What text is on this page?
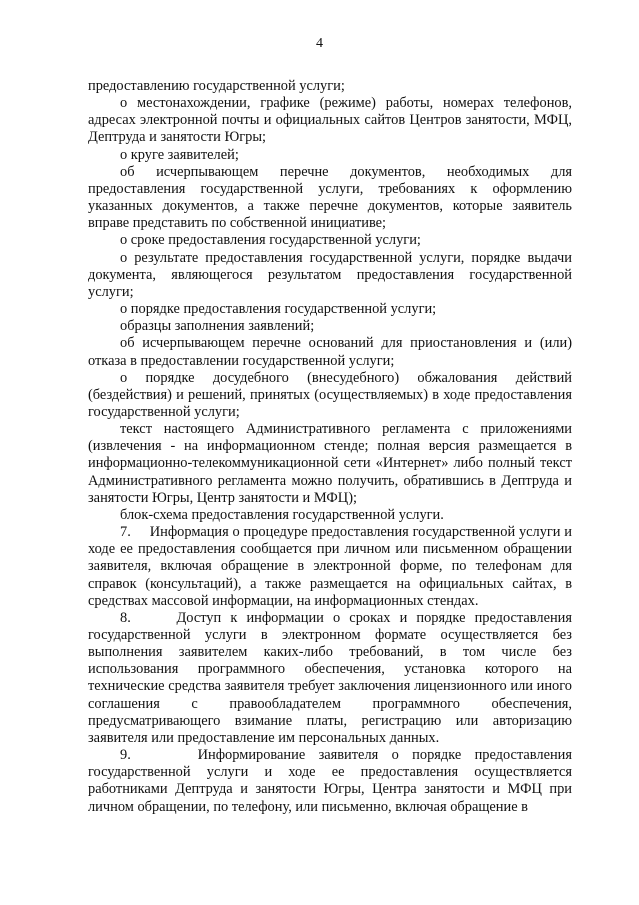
4

предоставлению государственной услуги;

о местонахождении, графике (режиме) работы, номерах телефонов, адресах электронной почты и официальных сайтов Центров занятости, МФЦ, Дептруда и занятости Югры;

о круге заявителей;

об исчерпывающем перечне документов, необходимых для предоставления государственной услуги, требованиях к оформлению указанных документов, а также перечне документов, которые заявитель вправе представить по собственной инициативе;

о сроке предоставления государственной услуги;

о результате предоставления государственной услуги, порядке выдачи документа, являющегося результатом предоставления государственной услуги;

о порядке предоставления государственной услуги;

образцы заполнения заявлений;

об исчерпывающем перечне оснований для приостановления и (или) отказа в предоставлении государственной услуги;

о порядке досудебного (внесудебного) обжалования действий (бездействия) и решений, принятых (осуществляемых) в ходе предоставления государственной услуги;

текст настоящего Административного регламента с приложениями (извлечения - на информационном стенде; полная версия размещается в информационно-телекоммуникационной сети «Интернет» либо полный текст Административного регламента можно получить, обратившись в Дептруда и занятости Югры, Центр занятости и МФЦ);

блок-схема предоставления государственной услуги.

7.     Информация о процедуре предоставления государственной услуги и ходе ее предоставления сообщается при личном или письменном обращении заявителя, включая обращение в электронной форме, по телефонам для справок (консультаций), а также размещается на официальных сайтах, в средствах массовой информации, на информационных стендах.

8.     Доступ к информации о сроках и порядке предоставления государственной услуги в электронном формате осуществляется без выполнения заявителем каких-либо требований, в том числе без использования программного обеспечения, установка которого на технические средства заявителя требует заключения лицензионного или иного соглашения с правообладателем программного обеспечения, предусматривающего взимание платы, регистрацию или авторизацию заявителя или предоставление им персональных данных.

9.     Информирование заявителя о порядке предоставления государственной услуги и ходе ее предоставления осуществляется работниками Дептруда и занятости Югры, Центра занятости и МФЦ при личном обращении, по телефону, или письменно, включая обращение в
